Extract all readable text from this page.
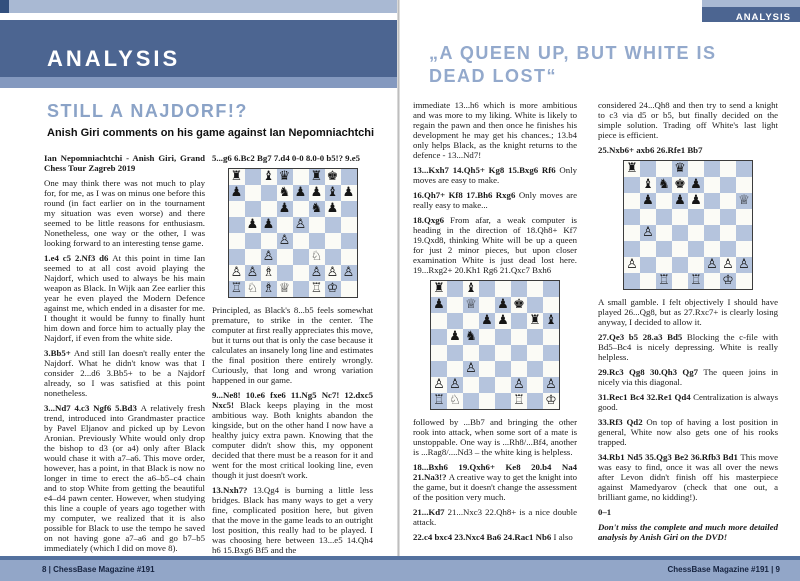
ANALYSIS
STILL A NAJDORF!?
Anish Giri comments on his game against Ian Nepomniachtchi

Ian Nepomniachtchi - Anish Giri, Grand Chess Tour Zagreb 2019

One may think there was not much to play for, for me, as I was on minus one before this round (in fact earlier on in the tournament my situation was even worse) and there seemed to be little reasons for enthusiasm. Nonetheless, one way or the other, I was looking forward to an interesting tense game.

1.e4 c5 2.Nf3 d6 At this point in time Ian seemed to at all cost avoid playing the Najdorf, which used to always be his main weapon as Black. In Wijk aan Zee earlier this year he even played the Modern Defence against me, which ended in a disaster for me. I thought it would be funny to finally hunt him down and force him to actually play the Najdorf, if even from the white side.

3.Bb5+ And still Ian doesn't really enter the Najdorf. What he didn't know was that I consider 2...d6 3.Bb5+ to be a Najdorf already, so I was satisfied at this point nonetheless.

3...Nd7 4.c3 Ngf6 5.Bd3 A relatively fresh trend, introduced into Grandmaster practice by Pavel Eljanov and picked up by Levon Aronian. Previously White would only drop the bishop to d3 (or a4) only after Black would chase it with a7–a6. This move order, however, has a point, in that Black is now no longer in time to erect the a6–b5–c4 chain and to stop White from getting the beautiful e4–d4 pawn center. However, when studying this line a couple of years ago together with my computer, we realized that it is also possible for Black to use the tempo he saved on not having gone a7–a6 and go b7–b5 immediately (which I did on move 8).

5...g6 6.Bc2 Bg7 7.d4 0-0 8.0-0 b5!? 9.e5

♜ ♝ ♛ ♜ ♚
♟	♞ ♟ ♟ ♝ ♟
♟ ♞ ♟
♟ ♟ ♙
♙
♙	♘
♙ ♙ ♗	♙ ♙ ♙
♖ ♘ ♗ ♕ ♖ ♔

Principled, as Black's 8...b5 feels somewhat premature, to strike in the center. The computer at first really appreciates this move, but it turns out that is only the case because it calculates an insanely long line and estimates the final position there entirely wrongly. Curiously, that long and wrong variation happened in our game.

9...Ne8! 10.e6 fxe6 11.Ng5 Nc7! 12.dxc5 Nxc5! Black keeps playing in the most ambitious way. Both knights abandon the kingside, but on the other hand I now have a healthy juicy extra pawn. Knowing that the computer didn't show this, my opponent decided that there must be a reason for it and went for the most critical looking line, even though it just doesn't work.

13.Nxh7? 13.Qg4 is burning a little less bridges. Black has many ways to get a very fine, complicated position here, but given that the move in the game leads to an outright lost position, this really had to be played. I was choosing here between 13...e5 14.Qh4 h6 15.Bxg6 Bf5 and the

ANALYSIS
„A QUEEN UP, BUT WHITE IS
DEAD LOST“

immediate 13...h6 which is more ambitious and was more to my liking. White is likely to regain the pawn and then once he finishes his development he may get his chances.; 13.b4 only helps Black, as the knight returns to the defence - 13...Nd7!

13...Kxh7 14.Qh5+ Kg8 15.Bxg6 Rf6 Only moves are easy to make.

16.Qh7+ Kf8 17.Bh6 Rxg6 Only moves are really easy to make...

18.Qxg6 From afar, a weak computer is heading in the direction of 18.Qh8+ Kf7 19.Qxd8, thinking White will be up a queen for just 2 minor pieces, but upon closer examination White is just dead lost here. 19...Rxg2+ 20.Kh1 Rg6 21.Qxc7 Bxh6

♜ ♝
♟ ♕ ♟ ♚
♟ ♟ ♜ ♝
♟ ♞
♙
♙ ♙	♙ ♙
♖ ♘	♖ ♔

followed by ...Bb7 and bringing the other rook into attack, when some sort of a mate is unstoppable. One way is ...Rh8/...Bf4, another is ...Rag8/....Nd3 – the white king is helpless.

18...Bxh6 19.Qxh6+ Ke8 20.b4 Na4 21.Na3!? A creative way to get the knight into the game, but it doesn't change the assessment of the position very much.

21...Kd7 21...Nxc3 22.Qh8+ is a nice double attack.

22.c4 bxc4 23.Nxc4 Ba6 24.Rac1 Nb6 I also

considered 24...Qh8 and then try to send a knight to c3 via d5 or b5, but finally decided on the simple solution. Trading off White's last light piece is efficient.

25.Nxb6+ axb6 26.Rfe1 Bb7

♜	♛
♝ ♞ ♚ ♟
♟ ♟ ♟	♕
♙
♙	♙ ♙ ♙
♖ ♖ ♔

A small gamble. I felt objectively I should have played 26...Qg8, but as 27.Rxc7+ is clearly losing anyway, I decided to allow it.

27.Qe3 b5 28.a3 Bd5 Blocking the c-file with Bd5–Bc4 is nicely depressing. White is really helpless.

29.Rc3 Qg8 30.Qh3 Qg7 The queen joins in nicely via this diagonal.

31.Rec1 Bc4 32.Re1 Qd4 Centralization is always good.

33.Rf3 Qd2 On top of having a lost position in general, White now also gets one of his rooks trapped.

34.Rb1 Nd5 35.Qg3 Be2 36.Rfb3 Bd1 This move was easy to find, once it was all over the news after Levon didn't finish off his masterpiece against Mamedyarov (check that one out, a brilliant game, no kidding!).

0–1

Don't miss the complete and much more detailed analysis by Anish Giri on the DVD!

8 | ChessBase Magazine #191	ChessBase Magazine #191 | 9
